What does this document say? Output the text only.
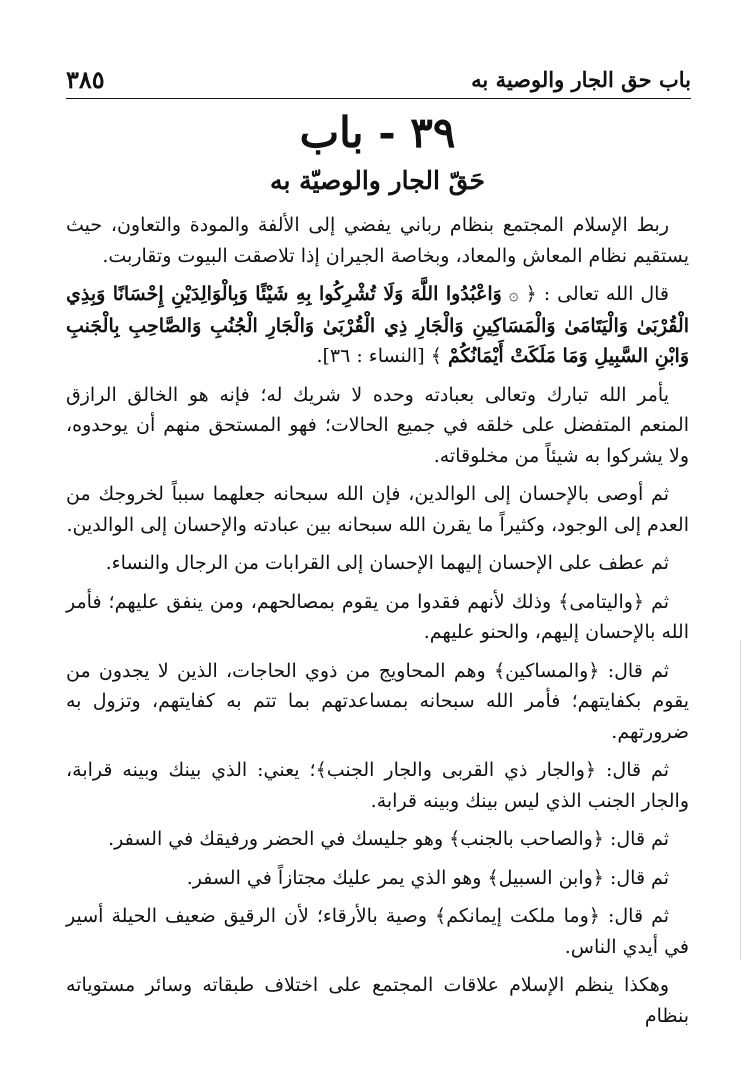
باب حق الجار والوصية به
٣٨٥
٣٩ - باب
حَقّ الجار والوصيّة به

ربط الإسلام المجتمع بنظام رباني يفضي إلى الألفة والمودة والتعاون، حيث يستقيم نظام المعاش والمعاد، وبخاصة الجيران إذا تلاصقت البيوت وتقاربت.

قال الله تعالى : ﴿ ۞ وَاعْبُدُوا اللَّهَ وَلَا تُشْرِكُوا بِهِ شَيْئًا وَبِالْوَالِدَيْنِ إِحْسَانًا وَبِذِي الْقُرْبَىٰ وَالْيَتَامَىٰ وَالْمَسَاكِينِ وَالْجَارِ ذِي الْقُرْبَىٰ وَالْجَارِ الْجُنُبِ وَالصَّاحِبِ بِالْجَنبِ وَابْنِ السَّبِيلِ وَمَا مَلَكَتْ أَيْمَانُكُمْ ﴾ [النساء : ٣٦].

يأمر الله تبارك وتعالى بعبادته وحده لا شريك له؛ فإنه هو الخالق الرازق المنعم المتفضل على خلقه في جميع الحالات؛ فهو المستحق منهم أن يوحدوه، ولا يشركوا به شيئاً من مخلوقاته.

ثم أوصى بالإحسان إلى الوالدين، فإن الله سبحانه جعلهما سبباً لخروجك من العدم إلى الوجود، وكثيراً ما يقرن الله سبحانه بين عبادته والإحسان إلى الوالدين.

ثم عطف على الإحسان إليهما الإحسان إلى القرابات من الرجال والنساء.

ثم ﴿واليتامى﴾ وذلك لأنهم فقدوا من يقوم بمصالحهم، ومن ينفق عليهم؛ فأمر الله بالإحسان إليهم، والحنو عليهم.

ثم قال: ﴿والمساكين﴾ وهم المحاويج من ذوي الحاجات، الذين لا يجدون من يقوم بكفايتهم؛ فأمر الله سبحانه بمساعدتهم بما تتم به كفايتهم، وتزول به ضرورتهم.

ثم قال: ﴿والجار ذي القربى والجار الجنب﴾؛ يعني: الذي بينك وبينه قرابة، والجار الجنب الذي ليس بينك وبينه قرابة.

ثم قال: ﴿والصاحب بالجنب﴾ وهو جليسك في الحضر ورفيقك في السفر.

ثم قال: ﴿وابن السبيل﴾ وهو الذي يمر عليك مجتازاً في السفر.

ثم قال: ﴿وما ملكت إيمانكم﴾ وصية بالأرقاء؛ لأن الرقيق ضعيف الحيلة أسير في أيدي الناس.

وهكذا ينظم الإسلام علاقات المجتمع على اختلاف طبقاته وسائر مستوياته بنظام
